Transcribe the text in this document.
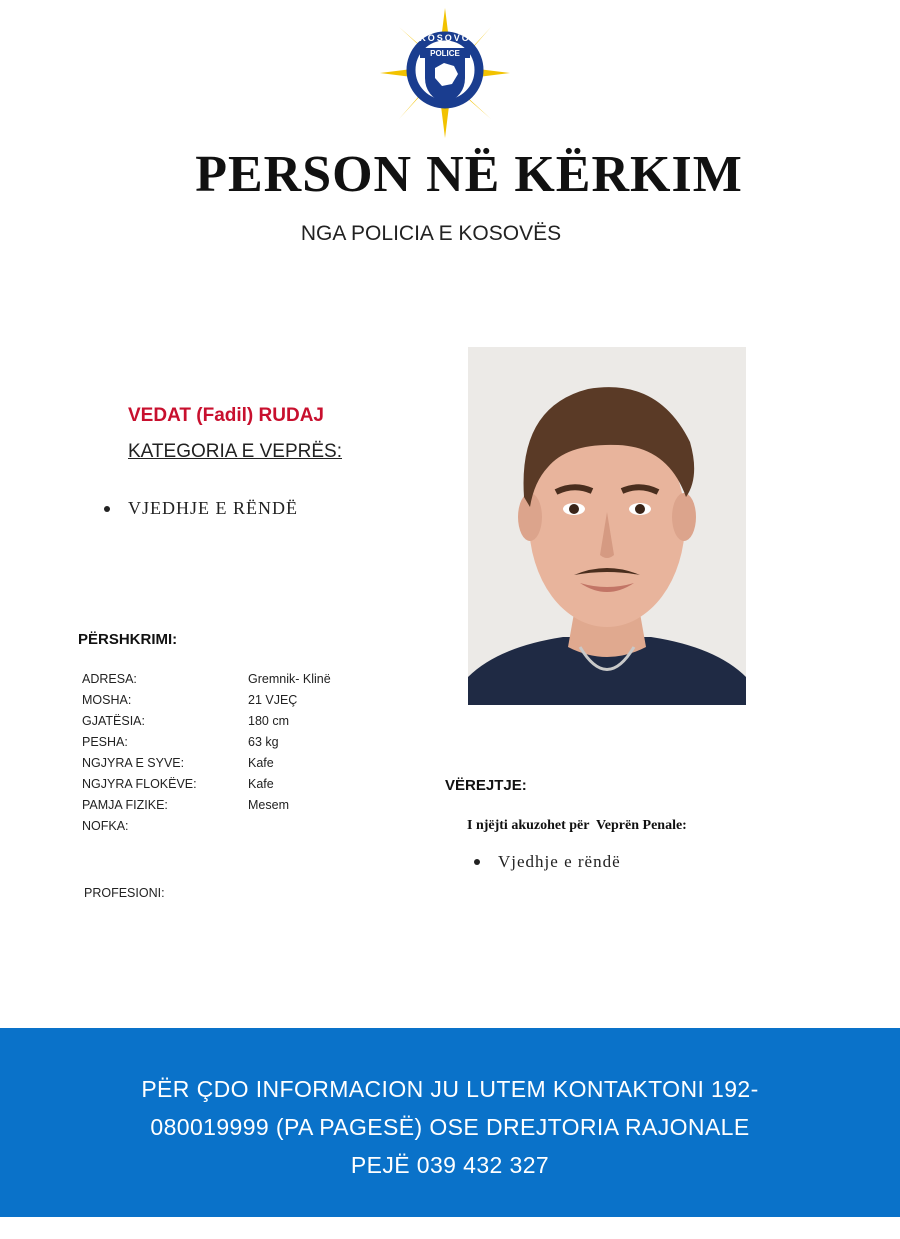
POLICE
KOSOVO
PERSON NË KËRKIM
NGA POLICIA E KOSOVËS
VEDAT (Fadil) RUDAJ
KATEGORIA E VEPRËS:
VJEDHJE E RËNDË
PËRSHKRIMI:
ADRESA:	Gremnik- Klinë
MOSHA:	21 VJEÇ
GJATËSIA:	180 cm
PESHA:	63 kg
NGJYRA E SYVE:	Kafe
NGJYRA FLOKËVE:	Kafe
PAMJA FIZIKE:	Mesem
NOFKA:
PROFESIONI:
VËREJTJE:
I njëjti akuzohet për  Veprën Penale:
Vjedhje e rëndë
PËR ÇDO INFORMACION JU LUTEM KONTAKTONI 192-
080019999 (PA PAGESË) OSE DREJTORIA RAJONALE
PEJË 039 432 327
